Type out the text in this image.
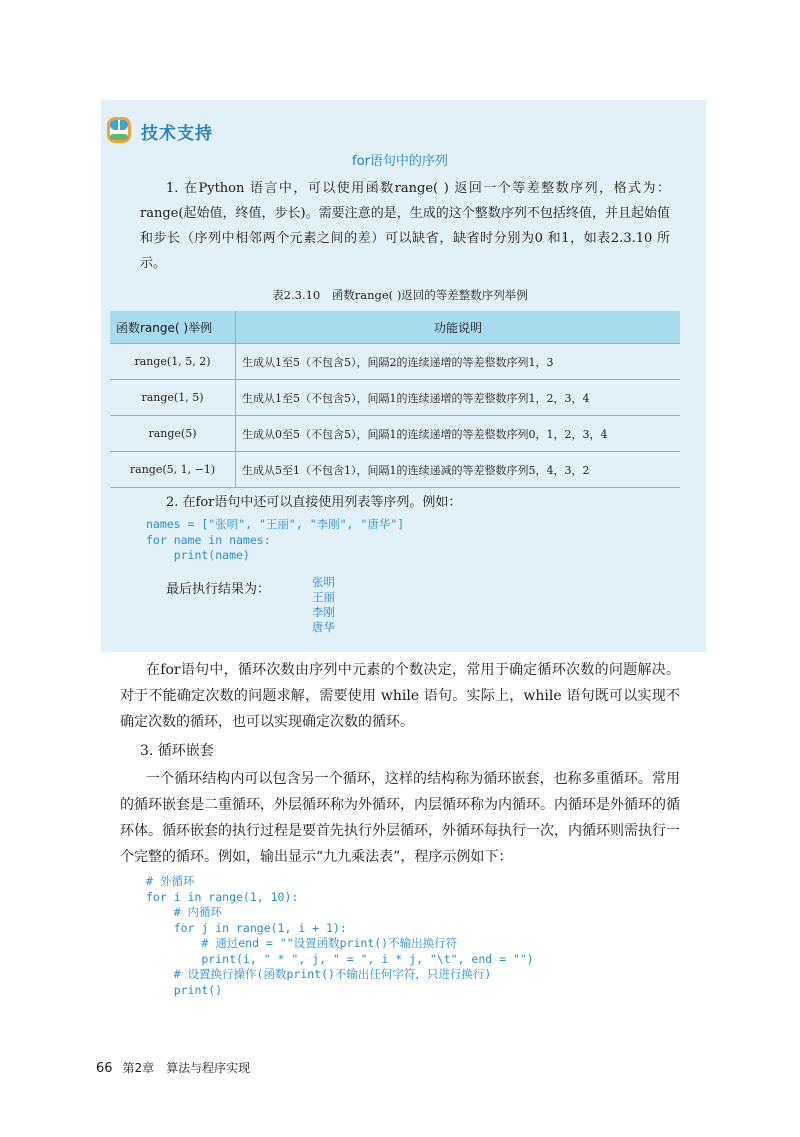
技术支持
for语句中的序列
1. 在Python 语言中，可以使用函数range( ) 返回一个等差整数序列，格式为：range(起始值，终值，步长)。需要注意的是，生成的这个整数序列不包括终值，并且起始值和步长（序列中相邻两个元素之间的差）可以缺省，缺省时分别为0 和1，如表2.3.10 所示。
表2.3.10　函数range( )返回的等差整数序列举例
函数range( )举例	功能说明
range(1, 5, 2)	生成从1至5（不包含5），间隔2的连续递增的等差整数序列1，3
range(1, 5)	生成从1至5（不包含5），间隔1的连续递增的等差整数序列1，2，3，4
range(5)	生成从0至5（不包含5），间隔1的连续递增的等差整数序列0，1，2，3，4
range(5, 1, −1)	生成从5至1（不包含1），间隔1的连续递减的等差整数序列5，4，3，2
2. 在for语句中还可以直接使用列表等序列。例如：
names = ["张明", "王丽", "李刚", "唐华"]
for name in names:
print(name)
最后执行结果为：	张明
王丽
李刚
唐华
在for语句中，循环次数由序列中元素的个数决定，常用于确定循环次数的问题解决。对于不能确定次数的问题求解，需要使用 while 语句。实际上，while 语句既可以实现不确定次数的循环，也可以实现确定次数的循环。
3. 循环嵌套
一个循环结构内可以包含另一个循环，这样的结构称为循环嵌套，也称多重循环。常用的循环嵌套是二重循环，外层循环称为外循环，内层循环称为内循环。内循环是外循环的循环体。循环嵌套的执行过程是要首先执行外层循环，外循环每执行一次，内循环则需执行一个完整的循环。例如，输出显示“九九乘法表”，程序示例如下：
# 外循环
for i in range(1, 10):
# 内循环
for j in range(1, i + 1):
# 通过end = ""设置函数print()不输出换行符
print(i, " * ", j, " = ", i * j, "\t", end = "")
# 设置换行操作(函数print()不输出任何字符，只进行换行)
print()
66 第2章　算法与程序实现
